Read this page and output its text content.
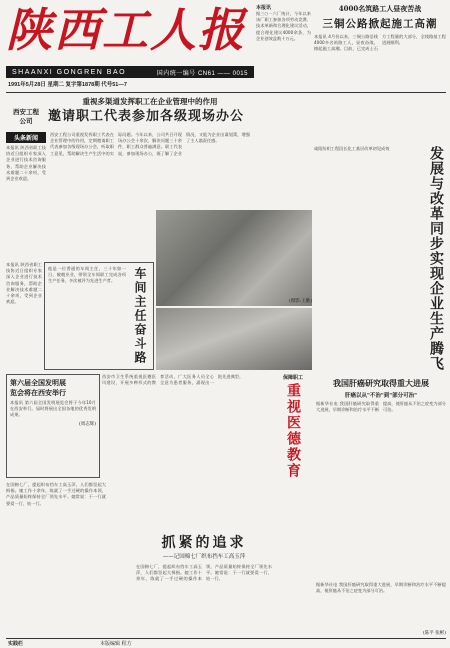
陕西工人报
SHAANXI GONGREN BAO	国内统一编号 CN61 —— 0015
1991年5月28日 星期二 复字第1878期 代号51—7
本报讯
据三○一六厂统计，今年以来该厂职工参加各项劳动竞赛、技术革新和合理化建议活动，提合理化建议4000余条，为企业创效益数十万元。
4000名筑路工人昼夜苦战
三铜公路掀起施工高潮
本报讯 4月份以来，三铜公路沿线4000多名筑路工人，昼夜奋战，掀起施工高潮。目前，已完成土石方工程量的大部分，全线路基工程进展顺利。
重视多渠道发挥职工在企业管理中的作用
西安工程
公司	邀请职工代表参加各级现场办公
头条新闻
本报讯 陕西省职工技协近日组织专家深入企业进行技术咨询服务，帮助企业解决技术难题二十余项，受到企业欢迎。
西安工程公司重视发挥职工代表在企业管理中的作用，定期邀请职工代表参加各级现场办公会，听取职工意见，帮助解决生产生活中的实际问题。今年以来，公司共召开现场办公会十余次，解决问题三十余件，职工群众普遍满意。职工代表说，参加现场办公，既了解了企业情况，又能为企业出谋划策，增强了主人翁责任感。
咸阳纺织工程段长化工基层改革初见成效	发展与改革同步实现企业生产腾飞
他是一位普通的车间主任，三十年如一日，兢兢业业，带领全车间职工完成各项生产任务，多次被评为先进生产者。	车间主任奋斗路
本报讯 陕西省职工技协近日组织专家深入企业进行技术咨询服务，帮助企业解决技术难题二十余项，受到企业欢迎。	(摄影:王勤)
第六届全国发明展
览会将在西安举行
本报讯 第六届全国发明展览会将于今年10月在西安举行。届时将展出全国各地的优秀发明成果。
(周志辉)
西安市卫生系统重视医德医风建设，开展多种形式的教育活动，广大医务人员全心全意为患者服务，涌现出一批先进典型。	保障职工
重视医德教育	我国肝癌研究取得重大进展
肝癌以从"不治"到"部分可治"
据新华社电 我国肝癌研究取得重大进展，早期诊断和治疗水平不断提高，使肝癌从不治之症变为部分可治。
在国棉七厂，提起织布挡车工高玉萍，人们都竖起大拇指。她工作十余年，练就了一手过硬的操作本领，产品质量始终保持全厂领先水平。她常说：干一行就要爱一行、钻一行。
抓紧的追求
——记国棉七厂织布挡车工高玉萍
在国棉七厂，提起织布挡车工高玉萍，人们都竖起大拇指。她工作十余年，练就了一手过硬的操作本领，产品质量始终保持全厂领先水平。她常说：干一行就要爱一行、钻一行。
据新华社电 我国肝癌研究取得重大进展，早期诊断和治疗水平不断提高，使肝癌从不治之症变为部分可治。
(陈平 张彬)
实践栏	本版编辑 程方
